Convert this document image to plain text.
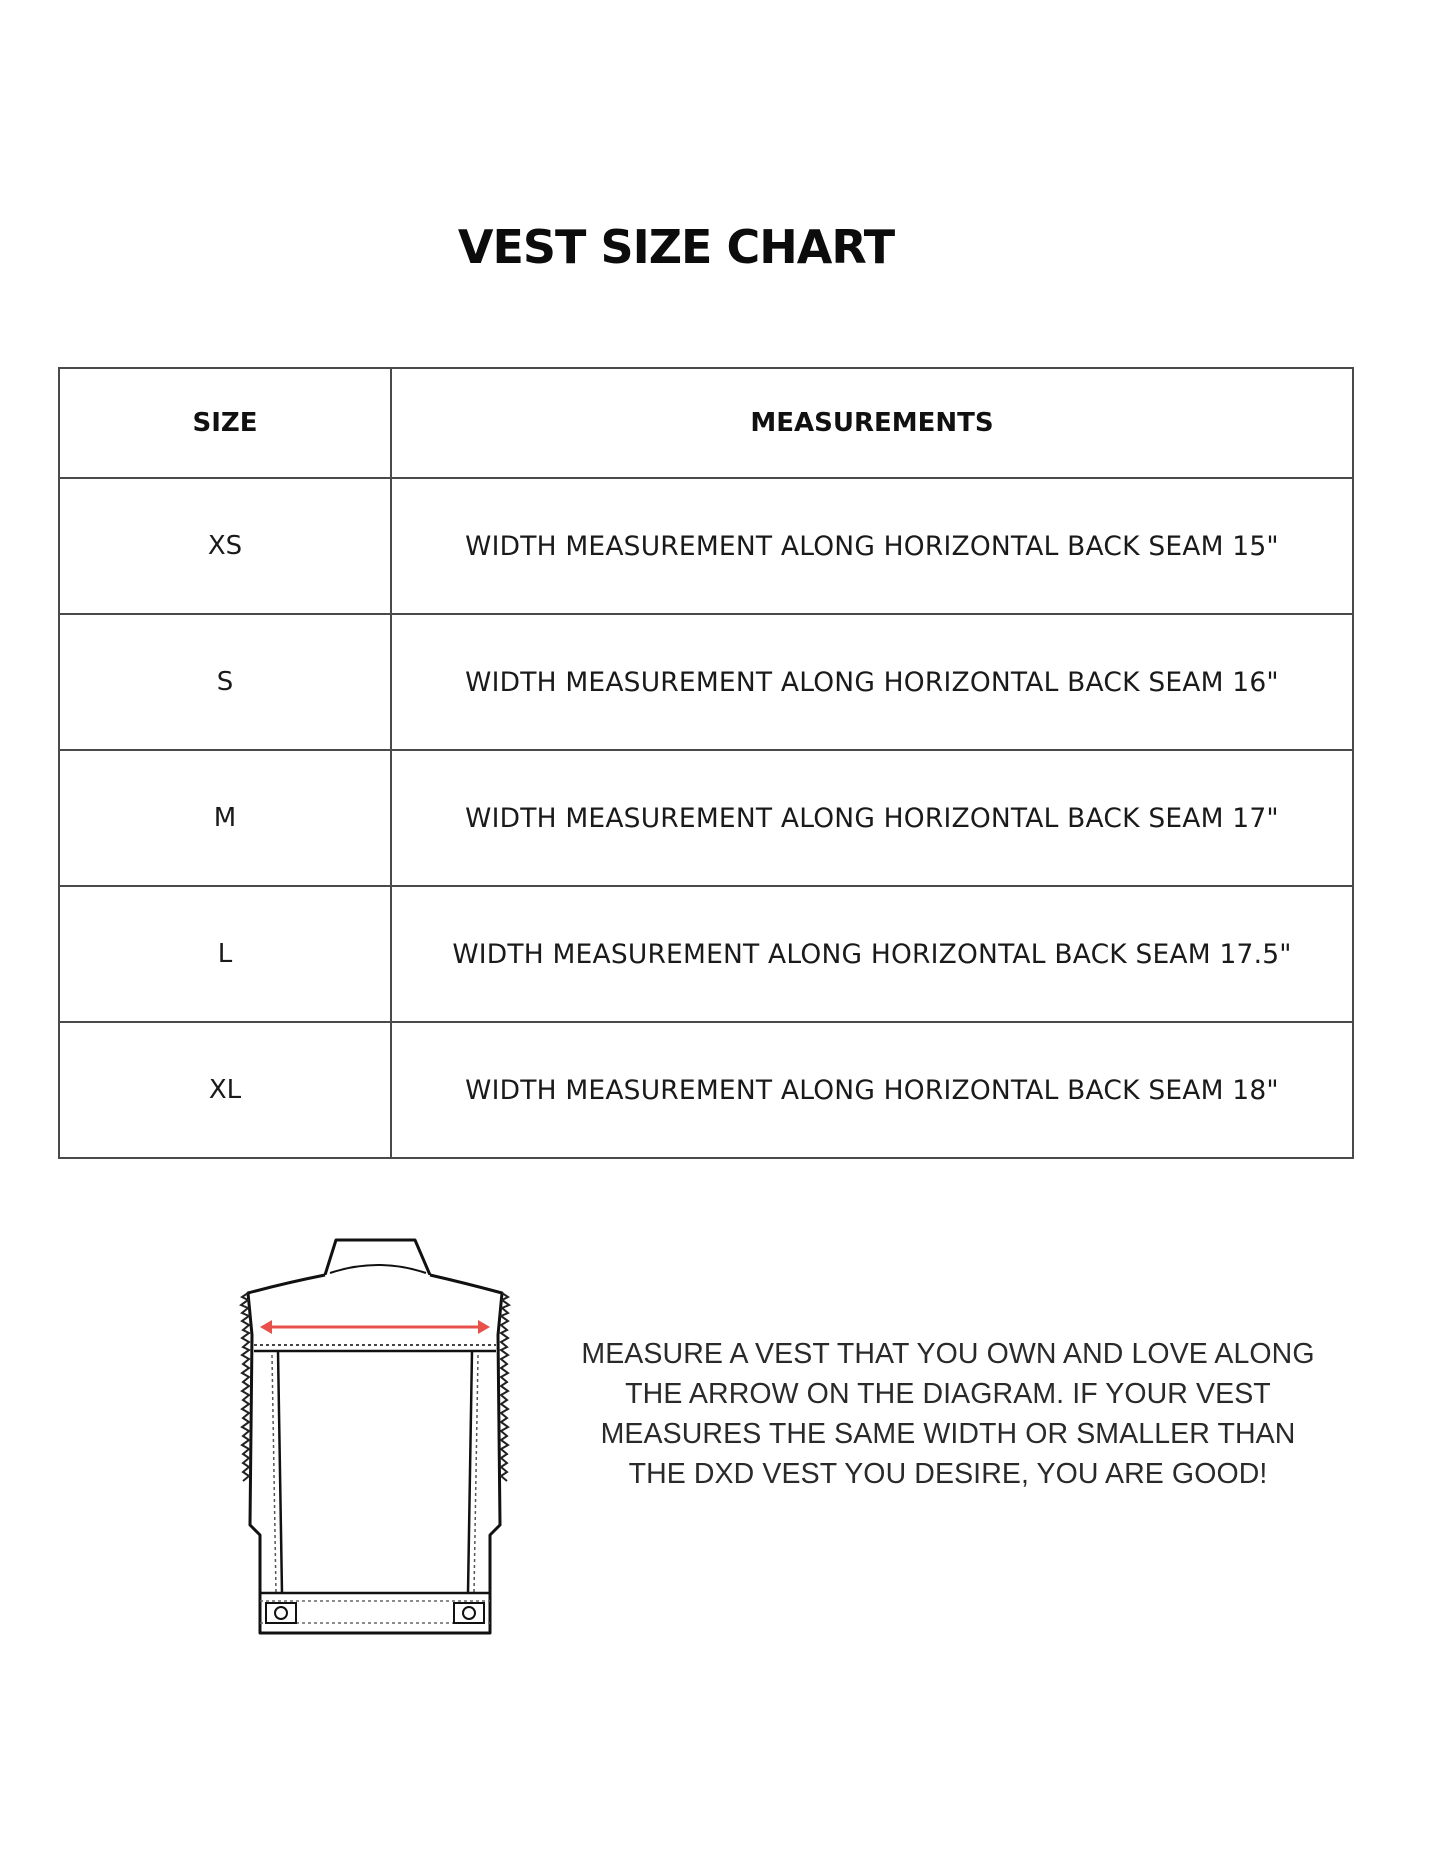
VEST SIZE CHART
SIZE	MEASUREMENTS
XS	WIDTH MEASUREMENT ALONG HORIZONTAL BACK SEAM 15"
S	WIDTH MEASUREMENT ALONG HORIZONTAL BACK SEAM 16"
M	WIDTH MEASUREMENT ALONG HORIZONTAL BACK SEAM 17"
L	WIDTH MEASUREMENT ALONG HORIZONTAL BACK SEAM 17.5"
XL	WIDTH MEASUREMENT ALONG HORIZONTAL BACK SEAM 18"
MEASURE A VEST THAT YOU OWN AND LOVE ALONG
THE ARROW ON THE DIAGRAM. IF YOUR VEST
MEASURES THE SAME WIDTH OR SMALLER THAN
THE DXD VEST YOU DESIRE, YOU ARE GOOD!
